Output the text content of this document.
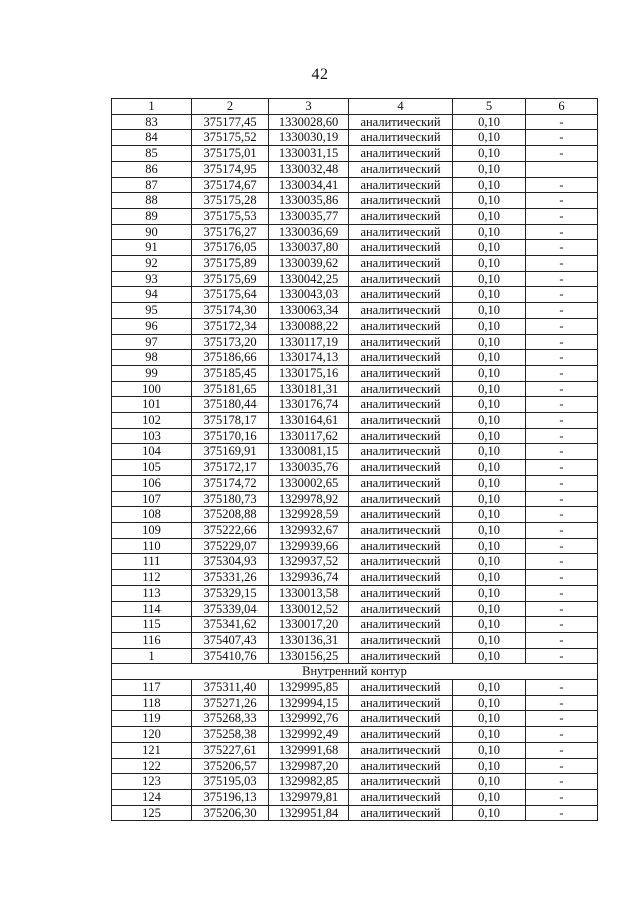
42
1	2	3	4	5	6
83	375177,45	1330028,60	аналитический	0,10	-
84	375175,52	1330030,19	аналитический	0,10	-
85	375175,01	1330031,15	аналитический	0,10	-
86	375174,95	1330032,48	аналитический	0,10	
87	375174,67	1330034,41	аналитический	0,10	-
88	375175,28	1330035,86	аналитический	0,10	-
89	375175,53	1330035,77	аналитический	0,10	-
90	375176,27	1330036,69	аналитический	0,10	-
91	375176,05	1330037,80	аналитический	0,10	-
92	375175,89	1330039,62	аналитический	0,10	-
93	375175,69	1330042,25	аналитический	0,10	-
94	375175,64	1330043,03	аналитический	0,10	-
95	375174,30	1330063,34	аналитический	0,10	-
96	375172,34	1330088,22	аналитический	0,10	-
97	375173,20	1330117,19	аналитический	0,10	-
98	375186,66	1330174,13	аналитический	0,10	-
99	375185,45	1330175,16	аналитический	0,10	-
100	375181,65	1330181,31	аналитический	0,10	-
101	375180,44	1330176,74	аналитический	0,10	-
102	375178,17	1330164,61	аналитический	0,10	-
103	375170,16	1330117,62	аналитический	0,10	-
104	375169,91	1330081,15	аналитический	0,10	-
105	375172,17	1330035,76	аналитический	0,10	-
106	375174,72	1330002,65	аналитический	0,10	-
107	375180,73	1329978,92	аналитический	0,10	-
108	375208,88	1329928,59	аналитический	0,10	-
109	375222,66	1329932,67	аналитический	0,10	-
110	375229,07	1329939,66	аналитический	0,10	-
111	375304,93	1329937,52	аналитический	0,10	-
112	375331,26	1329936,74	аналитический	0,10	-
113	375329,15	1330013,58	аналитический	0,10	-
114	375339,04	1330012,52	аналитический	0,10	-
115	375341,62	1330017,20	аналитический	0,10	-
116	375407,43	1330136,31	аналитический	0,10	-
1	375410,76	1330156,25	аналитический	0,10	-
Внутренний контур					
117	375311,40	1329995,85	аналитический	0,10	-
118	375271,26	1329994,15	аналитический	0,10	-
119	375268,33	1329992,76	аналитический	0,10	-
120	375258,38	1329992,49	аналитический	0,10	-
121	375227,61	1329991,68	аналитический	0,10	-
122	375206,57	1329987,20	аналитический	0,10	-
123	375195,03	1329982,85	аналитический	0,10	-
124	375196,13	1329979,81	аналитический	0,10	-
125	375206,30	1329951,84	аналитический	0,10	-
